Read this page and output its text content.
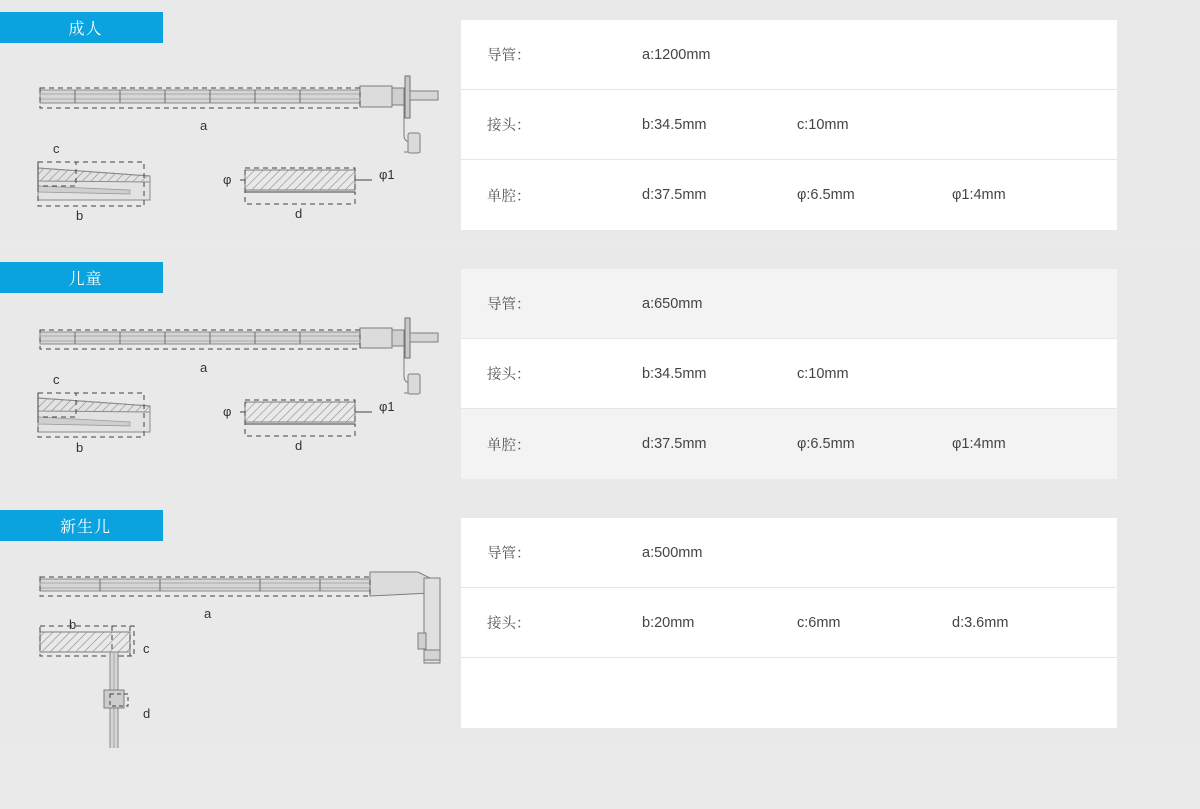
成人
a
c
b	d
φ	φ1
导管：	a:1200mm
接头：	b:34.5mm	c:10mm
单腔：	d:37.5mm	φ:6.5mm	φ1:4mm
儿童
a
c
b	d
φ	φ1
导管：	a:650mm
接头：	b:34.5mm	c:10mm
单腔：	d:37.5mm	φ:6.5mm	φ1:4mm
新生儿
a
b
c
d
导管：	a:500mm
接头：	b:20mm	c:6mm	d:3.6mm
